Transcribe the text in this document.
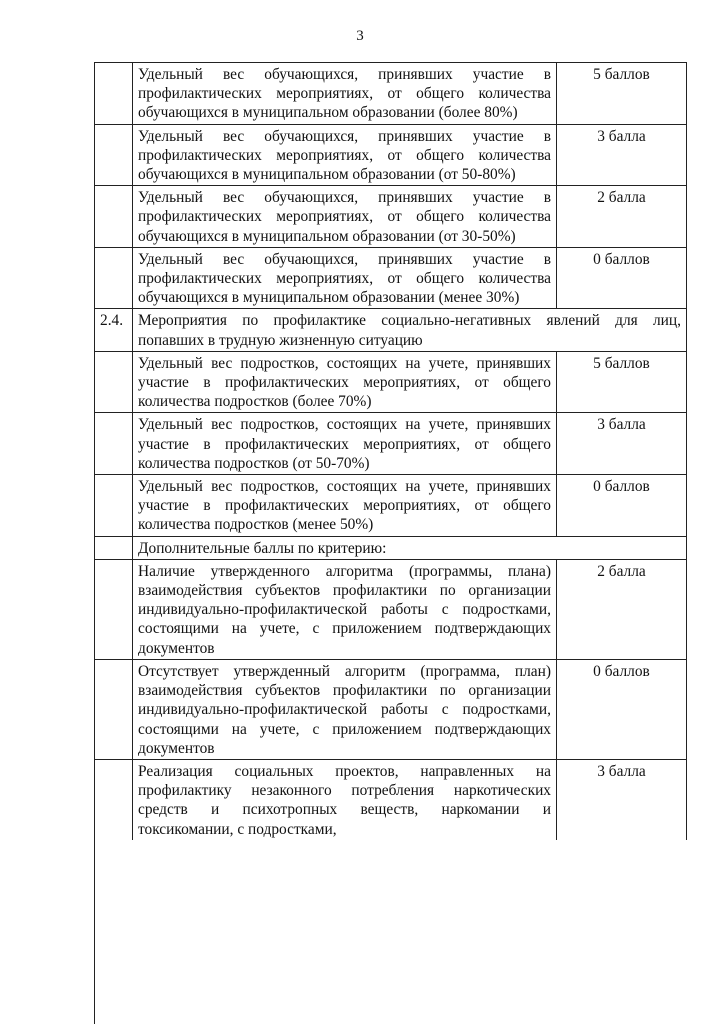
3
	Удельный вес обучающихся, принявших участие в профилактических мероприятиях, от общего количества обучающихся в муниципальном образовании (более 80%)	5 баллов
	Удельный вес обучающихся, принявших участие в профилактических мероприятиях, от общего количества обучающихся в муниципальном образовании (от 50-80%)	3 балла
	Удельный вес обучающихся, принявших участие в профилактических мероприятиях, от общего количества обучающихся в муниципальном образовании (от 30-50%)	2 балла
	Удельный вес обучающихся, принявших участие в профилактических мероприятиях, от общего количества обучающихся в муниципальном образовании (менее 30%)	0 баллов
2.4.	Мероприятия по профилактике социально-негативных явлений для лиц, попавших в трудную жизненную ситуацию	
	Удельный вес подростков, состоящих на учете, принявших участие в профилактических мероприятиях, от общего количества подростков (более 70%)	5 баллов
	Удельный вес подростков, состоящих на учете, принявших участие в профилактических мероприятиях, от общего количества подростков (от 50-70%)	3 балла
	Удельный вес подростков, состоящих на учете, принявших участие в профилактических мероприятиях, от общего количества подростков (менее 50%)	0 баллов
	Дополнительные баллы по критерию:	
	Наличие утвержденного алгоритма (программы, плана) взаимодействия субъектов профилактики по организации индивидуально-профилактической работы с подростками, состоящими на учете, с приложением подтверждающих документов	2 балла
	Отсутствует утвержденный алгоритм (программа, план) взаимодействия субъектов профилактики по организации индивидуально-профилактической работы с подростками, состоящими на учете, с приложением подтверждающих документов	0 баллов
	Реализация социальных проектов, направленных на профилактику незаконного потребления наркотических средств и психотропных веществ, наркомании и токсикомании, с подростками,	3 балла
